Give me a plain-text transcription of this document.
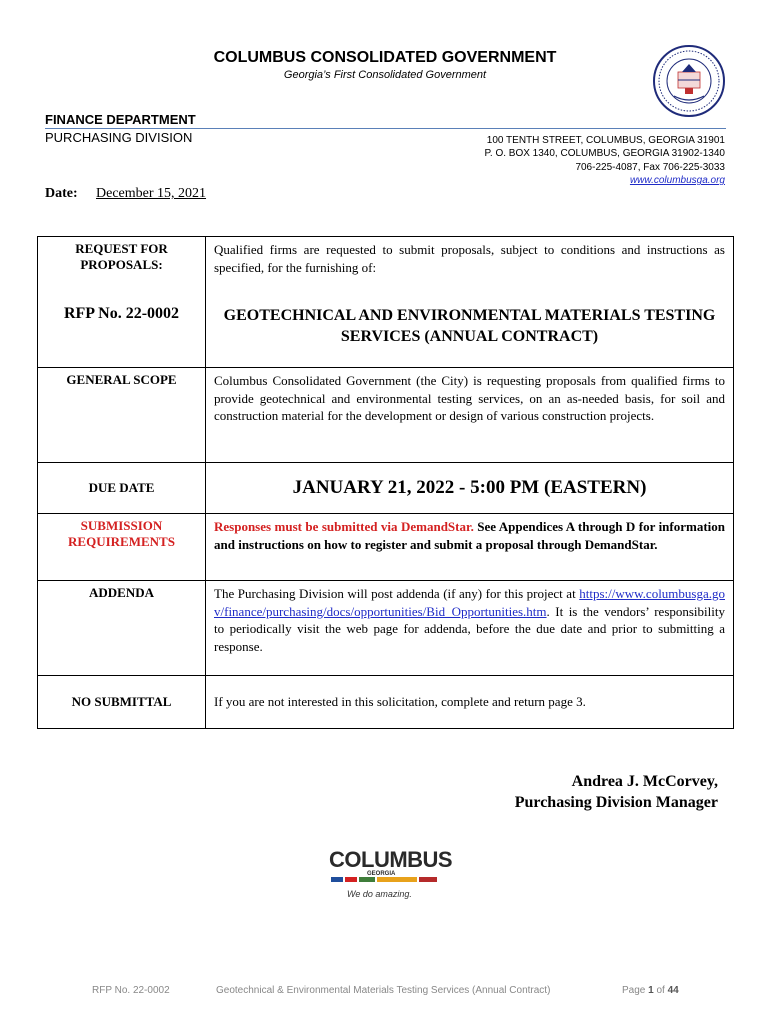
COLUMBUS CONSOLIDATED GOVERNMENT
Georgia’s First Consolidated Government
FINANCE DEPARTMENT
PURCHASING DIVISION	100 TENTH STREET, COLUMBUS, GEORGIA 31901
P. O. BOX 1340, COLUMBUS, GEORGIA 31902-1340
706-225-4087, Fax 706-225-3033
www.columbusga.org
Date: December 15, 2021
REQUEST FOR PROPOSALS:	Qualified firms are requested to submit proposals, subject to conditions and instructions as specified, for the furnishing of:
RFP No. 22-0002	GEOTECHNICAL AND ENVIRONMENTAL MATERIALS TESTING SERVICES (ANNUAL CONTRACT)

GENERAL SCOPE	Columbus Consolidated Government (the City) is requesting proposals from qualified firms to provide geotechnical and environmental testing services, on an as-needed basis, for soil and construction material for the development or design of various construction projects.
DUE DATE	JANUARY 21, 2022 - 5:00 PM (EASTERN)

SUBMISSION REQUIREMENTS	Responses must be submitted via DemandStar. See Appendices A through D for information and instructions on how to register and submit a proposal through DemandStar.
ADDENDA	The Purchasing Division will post addenda (if any) for this project at https://www.columbusga.gov/finance/purchasing/docs/opportunities/Bid_Opportunities.htm. It is the vendors’ responsibility to periodically visit the web page for addenda, before the due date and prior to submitting a response.
NO SUBMITTAL	If you are not interested in this solicitation, complete and return page 3.
Andrea J. McCorvey,
Purchasing Division Manager
COLUMBUS
GEORGIA
We do amazing.
RFP No. 22-0002	Geotechnical & Environmental Materials Testing Services (Annual Contract)	Page 1 of 44
